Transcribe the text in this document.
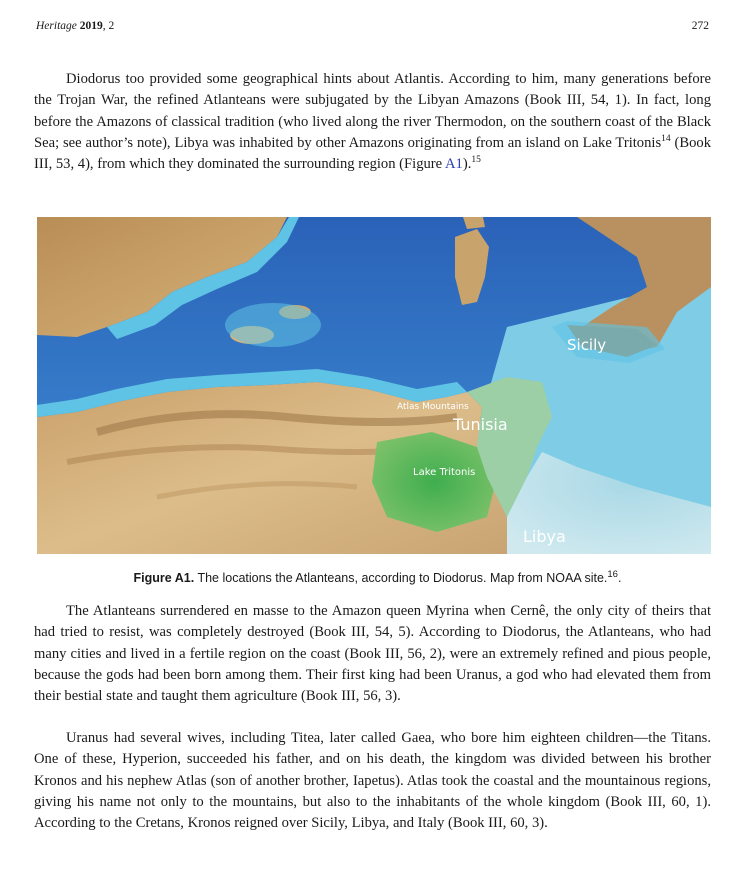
Heritage 2019, 2	272

Diodorus too provided some geographical hints about Atlantis. According to him, many generations before the Trojan War, the refined Atlanteans were subjugated by the Libyan Amazons (Book III, 54, 1). In fact, long before the Amazons of classical tradition (who lived along the river Thermodon, on the southern coast of the Black Sea; see author’s note), Libya was inhabited by other Amazons originating from an island on Lake Tritonis$^{14}$ (Book III, 53, 4), from which they dominated the surrounding region (Figure A1).$^{15}$

Sicily
Atlas Mountains
Tunisia
Lake Tritonis
Libya
Figure A1. The locations the Atlanteans, according to Diodorus. Map from NOAA site.$^{16}$.

The Atlanteans surrendered en masse to the Amazon queen Myrina when Cernê, the only city of theirs that had tried to resist, was completely destroyed (Book III, 54, 5). According to Diodorus, the Atlanteans, who had many cities and lived in a fertile region on the coast (Book III, 56, 2), were an extremely refined and pious people, because the gods had been born among them. Their first king had been Uranus, a god who had elevated them from their bestial state and taught them agriculture (Book III, 56, 3).

Uranus had several wives, including Titea, later called Gaea, who bore him eighteen children—the Titans. One of these, Hyperion, succeeded his father, and on his death, the kingdom was divided between his brother Kronos and his nephew Atlas (son of another brother, Iapetus). Atlas took the coastal and the mountainous regions, giving his name not only to the mountains, but also to the inhabitants of the whole kingdom (Book III, 60, 1). According to the Cretans, Kronos reigned over Sicily, Libya, and Italy (Book III, 60, 3).
